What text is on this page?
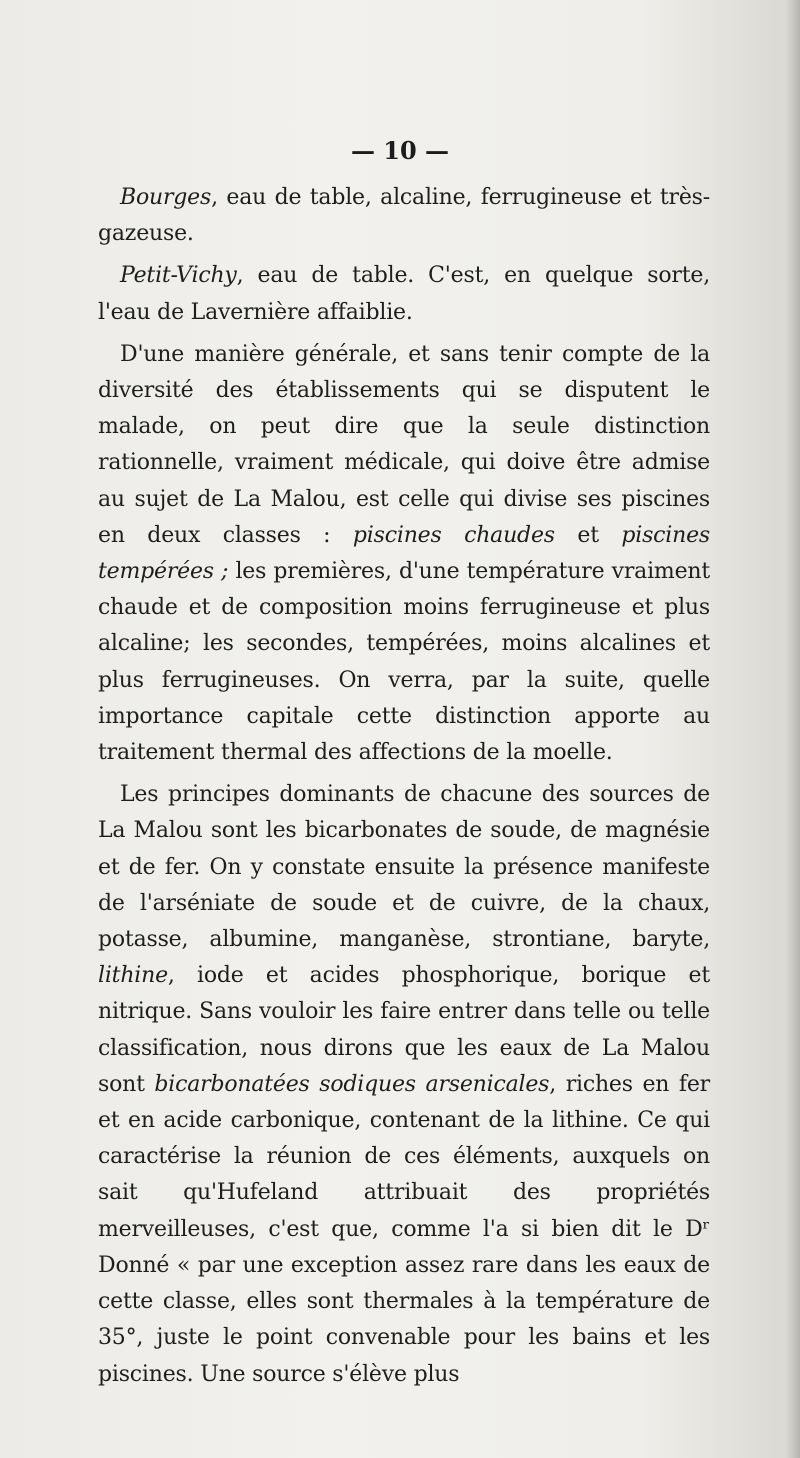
— 10 —

Bourges, eau de table, alcaline, ferrugineuse et très-gazeuse.

Petit-Vichy, eau de table. C'est, en quelque sorte, l'eau de Lavernière affaiblie.

D'une manière générale, et sans tenir compte de la diversité des établissements qui se disputent le malade, on peut dire que la seule distinction rationnelle, vraiment médicale, qui doive être admise au sujet de La Malou, est celle qui divise ses piscines en deux classes : piscines chaudes et piscines tempérées ; les premières, d'une température vraiment chaude et de composition moins ferrugineuse et plus alcaline; les secondes, tempérées, moins alcalines et plus ferrugineuses. On verra, par la suite, quelle importance capitale cette distinction apporte au traitement thermal des affections de la moelle.

Les principes dominants de chacune des sources de La Malou sont les bicarbonates de soude, de magnésie et de fer. On y constate ensuite la présence manifeste de l'arséniate de soude et de cuivre, de la chaux, potasse, albumine, manganèse, strontiane, baryte, lithine, iode et acides phosphorique, borique et nitrique. Sans vouloir les faire entrer dans telle ou telle classification, nous dirons que les eaux de La Malou sont bicarbonatées sodiques arsenicales, riches en fer et en acide carbonique, contenant de la lithine. Ce qui caractérise la réunion de ces éléments, auxquels on sait qu'Hufeland attribuait des propriétés merveilleuses, c'est que, comme l'a si bien dit le Dʳ Donné « par une exception assez rare dans les eaux de cette classe, elles sont thermales à la température de 35°, juste le point convenable pour les bains et les piscines. Une source s'élève plus
